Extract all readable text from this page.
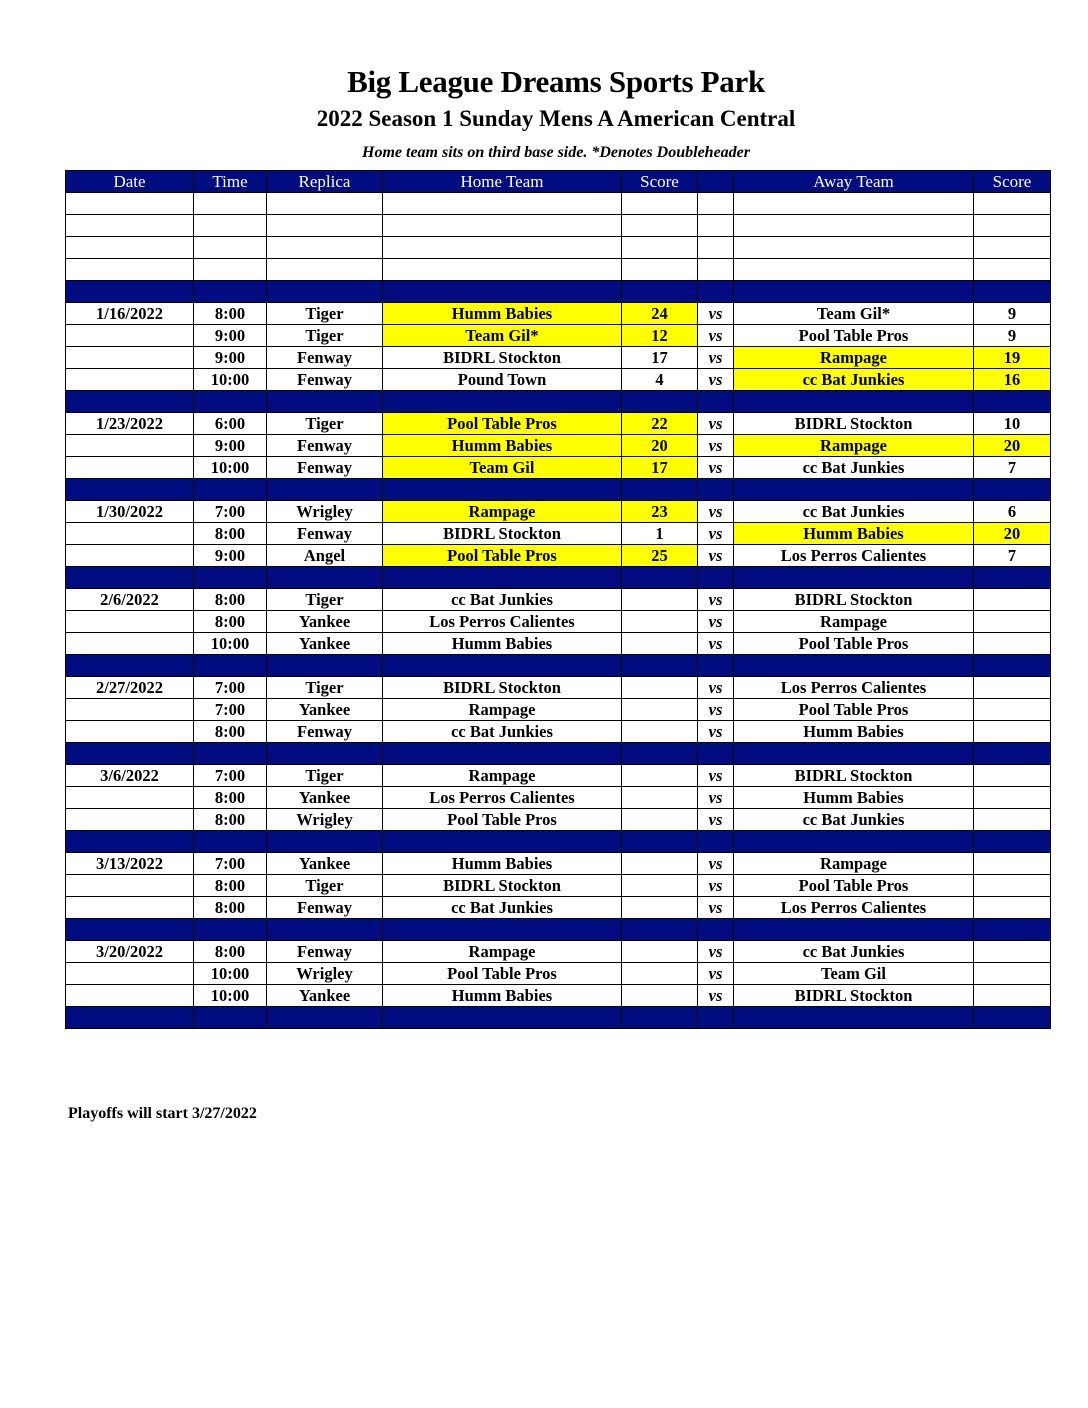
Big League Dreams Sports Park
2022 Season 1 Sunday Mens A American Central
Home team sits on third base side. *Denotes Doubleheader
Date	Time	Replica	Home Team	Score		Away Team	Score

1/16/2022	8:00	Tiger	Humm Babies	24	vs	Team Gil*	9
	9:00	Tiger	Team Gil*	12	vs	Pool Table Pros	9
	9:00	Fenway	BIDRL Stockton	17	vs	Rampage	19
	10:00	Fenway	Pound Town	4	vs	cc Bat Junkies	16

1/23/2022	6:00	Tiger	Pool Table Pros	22	vs	BIDRL Stockton	10
	9:00	Fenway	Humm Babies	20	vs	Rampage	20
	10:00	Fenway	Team Gil	17	vs	cc Bat Junkies	7

1/30/2022	7:00	Wrigley	Rampage	23	vs	cc Bat Junkies	6
	8:00	Fenway	BIDRL Stockton	1	vs	Humm Babies	20
	9:00	Angel	Pool Table Pros	25	vs	Los Perros Calientes	7

2/6/2022	8:00	Tiger	cc Bat Junkies		vs	BIDRL Stockton	
	8:00	Yankee	Los Perros Calientes		vs	Rampage	
	10:00	Yankee	Humm Babies		vs	Pool Table Pros	

2/27/2022	7:00	Tiger	BIDRL Stockton		vs	Los Perros Calientes	
	7:00	Yankee	Rampage		vs	Pool Table Pros	
	8:00	Fenway	cc Bat Junkies		vs	Humm Babies	

3/6/2022	7:00	Tiger	Rampage		vs	BIDRL Stockton	
	8:00	Yankee	Los Perros Calientes		vs	Humm Babies	
	8:00	Wrigley	Pool Table Pros		vs	cc Bat Junkies	

3/13/2022	7:00	Yankee	Humm Babies		vs	Rampage	
	8:00	Tiger	BIDRL Stockton		vs	Pool Table Pros	
	8:00	Fenway	cc Bat Junkies		vs	Los Perros Calientes	

3/20/2022	8:00	Fenway	Rampage		vs	cc Bat Junkies	
	10:00	Wrigley	Pool Table Pros		vs	Team Gil	
	10:00	Yankee	Humm Babies		vs	BIDRL Stockton	

Playoffs will start 3/27/2022
